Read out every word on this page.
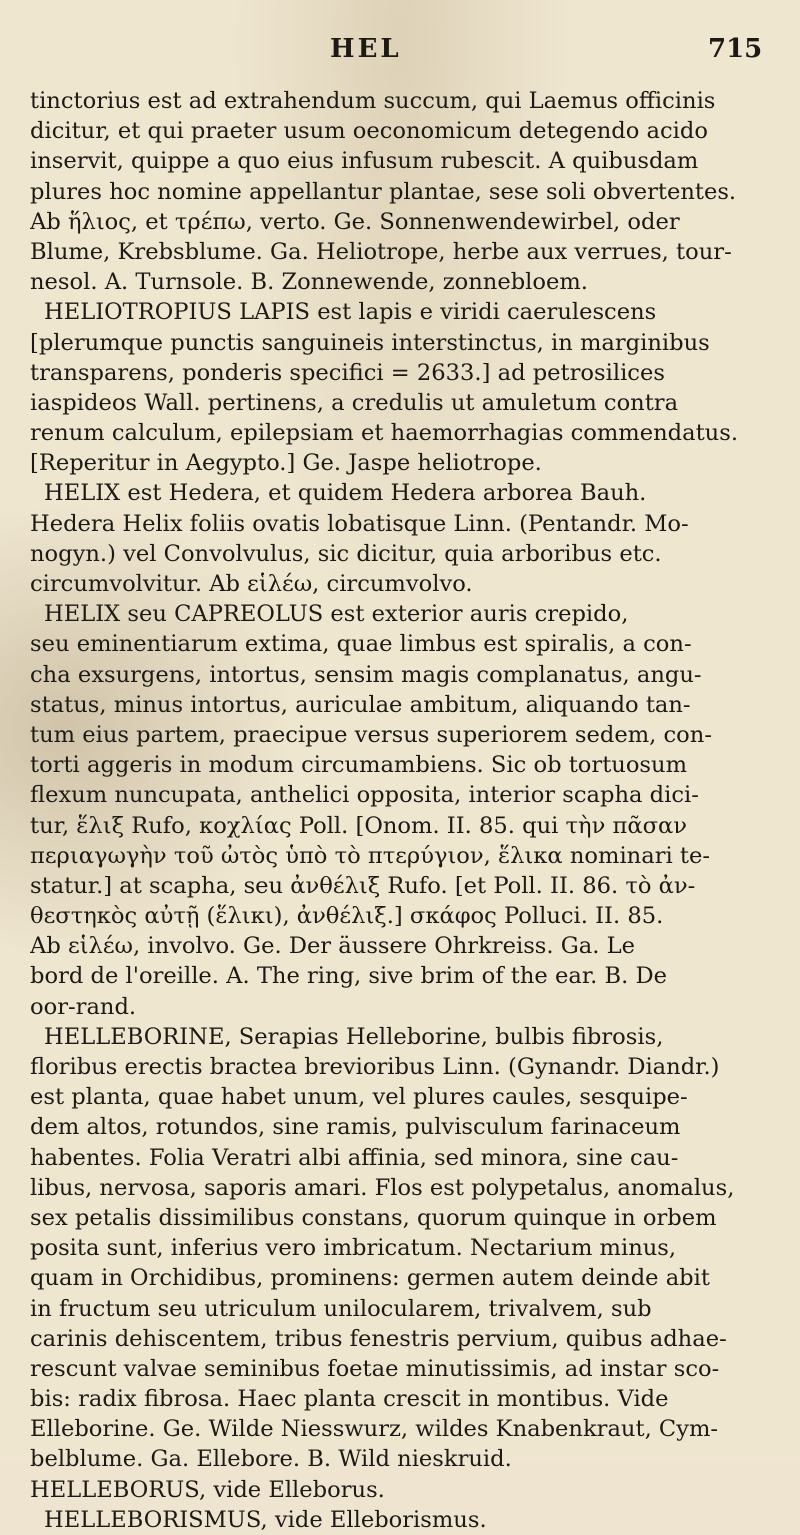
HEL	715
tinctorius est ad extrahendum succum, qui Laemus officinis
dicitur, et qui praeter usum oeconomicum detegendo acido
inservit, quippe a quo eius infusum rubescit. A quibusdam
plures hoc nomine appellantur plantae, sese soli obvertentes.
Ab ἥλιος, et τρέπω, verto. Ge. Sonnenwendewirbel, oder
Blume, Krebsblume. Ga. Heliotrope, herbe aux verrues, tour-
nesol. A. Turnsole. B. Zonnewende, zonnebloem.
HELIOTROPIUS LAPIS est lapis e viridi caerulescens
[plerumque punctis sanguineis interstinctus, in marginibus
transparens, ponderis specifici = 2633.] ad petrosilices
iaspideos Wall. pertinens, a credulis ut amuletum contra
renum calculum, epilepsiam et haemorrhagias commendatus.
[Reperitur in Aegypto.] Ge. Jaspe heliotrope.
HELIX est Hedera, et quidem Hedera arborea Bauh.
Hedera Helix foliis ovatis lobatisque Linn. (Pentandr. Mo-
nogyn.) vel Convolvulus, sic dicitur, quia arboribus etc.
circumvolvitur. Ab εἱλέω, circumvolvo.
HELIX seu CAPREOLUS est exterior auris crepido,
seu eminentiarum extima, quae limbus est spiralis, a con-
cha exsurgens, intortus, sensim magis complanatus, angu-
status, minus intortus, auriculae ambitum, aliquando tan-
tum eius partem, praecipue versus superiorem sedem, con-
torti aggeris in modum circumambiens. Sic ob tortuosum
flexum nuncupata, anthelici opposita, interior scapha dici-
tur, ἕλιξ Rufo, κοχλίας Poll. [Onom. II. 85. qui τὴν πᾶσαν
περιαγωγὴν τοῦ ὠτὸς ὑπὸ τὸ πτερύγιον, ἕλικα nominari te-
statur.] at scapha, seu ἀνθέλιξ Rufo. [et Poll. II. 86. τὸ ἀν-
θεστηκὸς αὐτῇ (ἕλικι), ἀνθέλιξ.] σκάφος Polluci. II. 85.
Ab εἱλέω, involvo. Ge. Der äussere Ohrkreiss. Ga. Le
bord de l'oreille. A. The ring, sive brim of the ear. B. De
oor-rand.
HELLEBORINE, Serapias Helleborine, bulbis fibrosis,
floribus erectis bractea brevioribus Linn. (Gynandr. Diandr.)
est planta, quae habet unum, vel plures caules, sesquipe-
dem altos, rotundos, sine ramis, pulvisculum farinaceum
habentes. Folia Veratri albi affinia, sed minora, sine cau-
libus, nervosa, saporis amari. Flos est polypetalus, anomalus,
sex petalis dissimilibus constans, quorum quinque in orbem
posita sunt, inferius vero imbricatum. Nectarium minus,
quam in Orchidibus, prominens: germen autem deinde abit
in fructum seu utriculum unilocularem, trivalvem, sub
carinis dehiscentem, tribus fenestris pervium, quibus adhae-
rescunt valvae seminibus foetae minutissimis, ad instar sco-
bis: radix fibrosa. Haec planta crescit in montibus. Vide
Elleborine. Ge. Wilde Niesswurz, wildes Knabenkraut, Cym-
belblume. Ga. Ellebore. B. Wild nieskruid.
HELLEBORUS, vide Elleborus.
HELLEBORISMUS, vide Elleborismus.
